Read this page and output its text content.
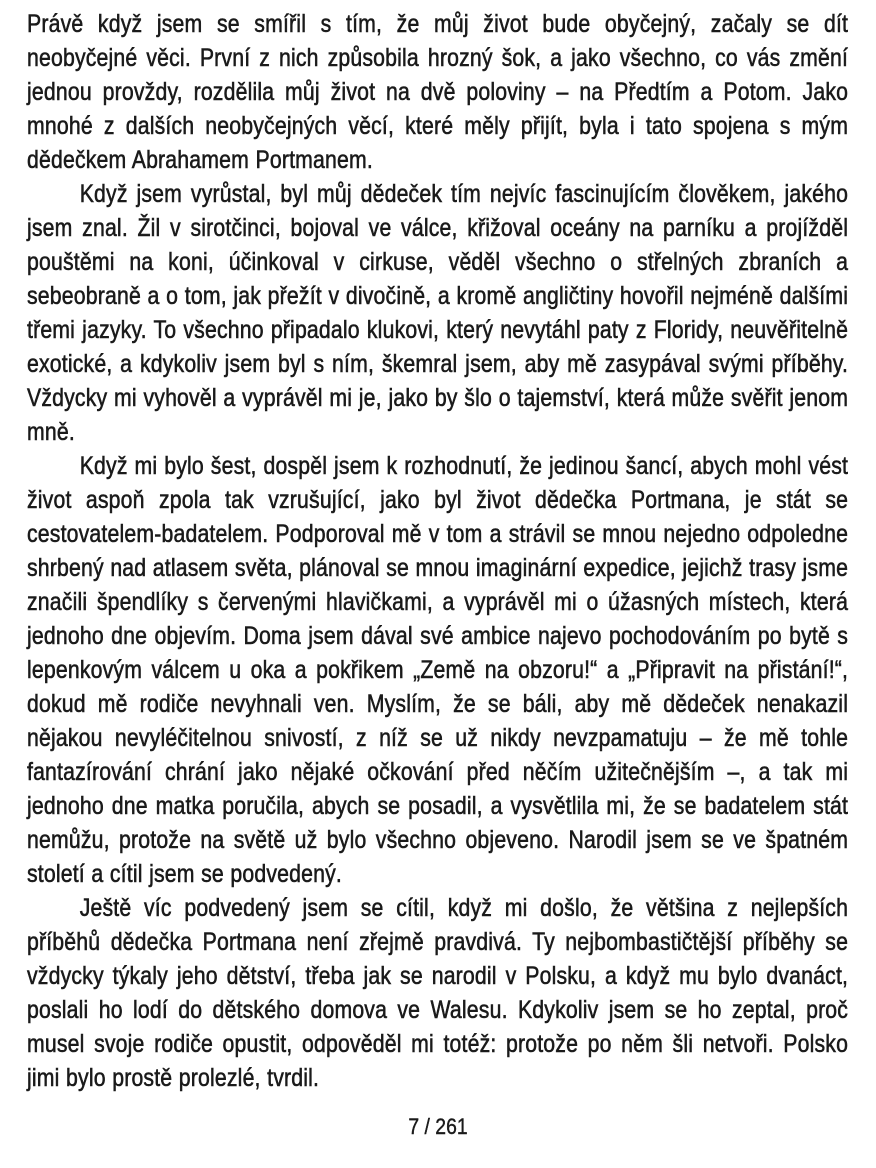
Právě když jsem se smířil s tím, že můj život bude obyčejný, začaly se dít neobyčejné věci. První z nich způsobila hrozný šok, a jako všechno, co vás změní jednou provždy, rozdělila můj život na dvě poloviny – na Předtím a Potom. Jako mnohé z dalších neobyčejných věcí, které měly přijít, byla i tato spojena s mým dědečkem Abrahamem Portmanem.

Když jsem vyrůstal, byl můj dědeček tím nejvíc fascinujícím člověkem, jakého jsem znal. Žil v sirotčinci, bojoval ve válce, křižoval oceány na parníku a projížděl pouštěmi na koni, účinkoval v cirkuse, věděl všechno o střelných zbraních a sebeobraně a o tom, jak přežít v divočině, a kromě angličtiny hovořil nejméně dalšími třemi jazyky. To všechno připadalo klukovi, který nevytáhl paty z Floridy, neuvěřitelně exotické, a kdykoliv jsem byl s ním, škemral jsem, aby mě zasypával svými příběhy. Vždycky mi vyhověl a vyprávěl mi je, jako by šlo o tajemství, která může svěřit jenom mně.

Když mi bylo šest, dospěl jsem k rozhodnutí, že jedinou šancí, abych mohl vést život aspoň zpola tak vzrušující, jako byl život dědečka Portmana, je stát se cestovatelem-badatelem. Podporoval mě v tom a strávil se mnou nejedno odpoledne shrbený nad atlasem světa, plánoval se mnou imaginární expedice, jejichž trasy jsme značili špendlíky s červenými hlavičkami, a vyprávěl mi o úžasných místech, která jednoho dne objevím. Doma jsem dával své ambice najevo pochodováním po bytě s lepenkovým válcem u oka a pokřikem „Země na obzoru!“ a „Připravit na přistání!“, dokud mě rodiče nevyhnali ven. Myslím, že se báli, aby mě dědeček nenakazil nějakou nevyléčitelnou snivostí, z níž se už nikdy nevzpamatuju – že mě tohle fantazírování chrání jako nějaké očkování před něčím užitečnějším –, a tak mi jednoho dne matka poručila, abych se posadil, a vysvětlila mi, že se badatelem stát nemůžu, protože na světě už bylo všechno objeveno. Narodil jsem se ve špatném století a cítil jsem se podvedený.

Ještě víc podvedený jsem se cítil, když mi došlo, že většina z nejlepších příběhů dědečka Portmana není zřejmě pravdivá. Ty nejbombastičtější příběhy se vždycky týkaly jeho dětství, třeba jak se narodil v Polsku, a když mu bylo dvanáct, poslali ho lodí do dětského domova ve Walesu. Kdykoliv jsem se ho zeptal, proč musel svoje rodiče opustit, odpověděl mi totéž: protože po něm šli netvoři. Polsko jimi bylo prostě prolezlé, tvrdil.

7 / 261
